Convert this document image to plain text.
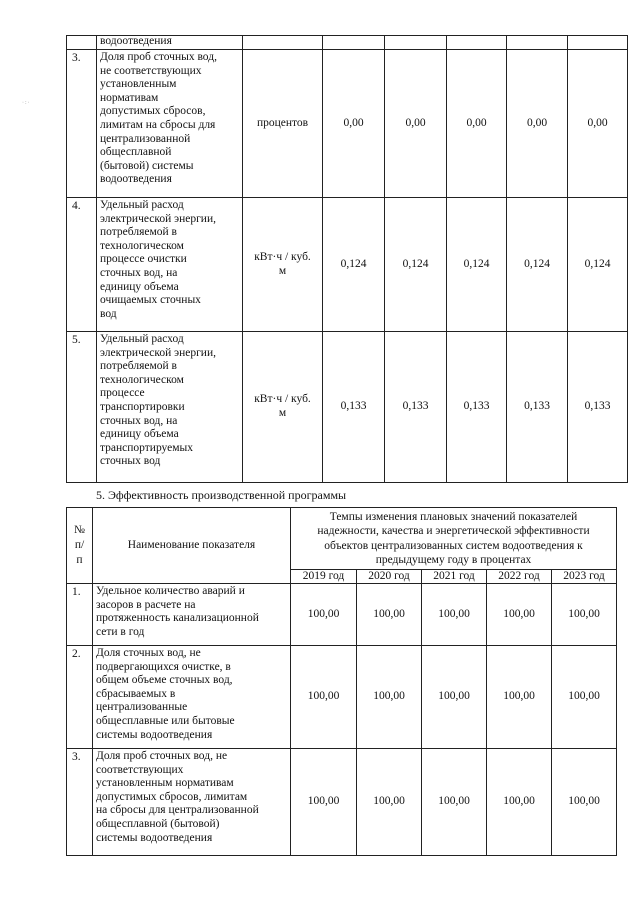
·:·
водоотведения
3.	Доля проб сточных вод,
не соответствующих
установленным
нормативам
допустимых сбросов,
лимитам на сбросы для
централизованной
общесплавной
(бытовой) системы
водоотведения
процентов	0,00	0,00	0,00	0,00	0,00
4.	Удельный расход
электрической энергии,
потребляемой в
технологическом
процессе очистки
сточных вод, на
единицу объема
очищаемых сточных
вод
кВт·ч / куб. м
0,124	0,124	0,124	0,124	0,124
5.	Удельный расход
электрической энергии,
потребляемой в
технологическом
процессе
транспортировки
сточных вод, на
единицу объема
транспортируемых
сточных вод
кВт·ч / куб. м
0,133	0,133	0,133	0,133	0,133
5. Эффективность производственной программы
№
п/
п
Наименование показателя
Темпы изменения плановых значений показателей
надежности, качества и энергетической эффективности
объектов централизованных систем водоотведения к
предыдущему году в процентах
2019 год	2020 год	2021 год	2022 год	2023 год
1.	Удельное количество аварий и
засоров в расчете на
протяженность канализационной
сети в год
100,00	100,00	100,00	100,00	100,00
2.	Доля сточных вод, не
подвергающихся очистке, в
общем объеме сточных вод,
сбрасываемых в
централизованные
общесплавные или бытовые
системы водоотведения
100,00	100,00	100,00	100,00	100,00
3.	Доля проб сточных вод, не
соответствующих
установленным нормативам
допустимых сбросов, лимитам
на сбросы для централизованной
общесплавной (бытовой)
системы водоотведения
100,00	100,00	100,00	100,00	100,00
